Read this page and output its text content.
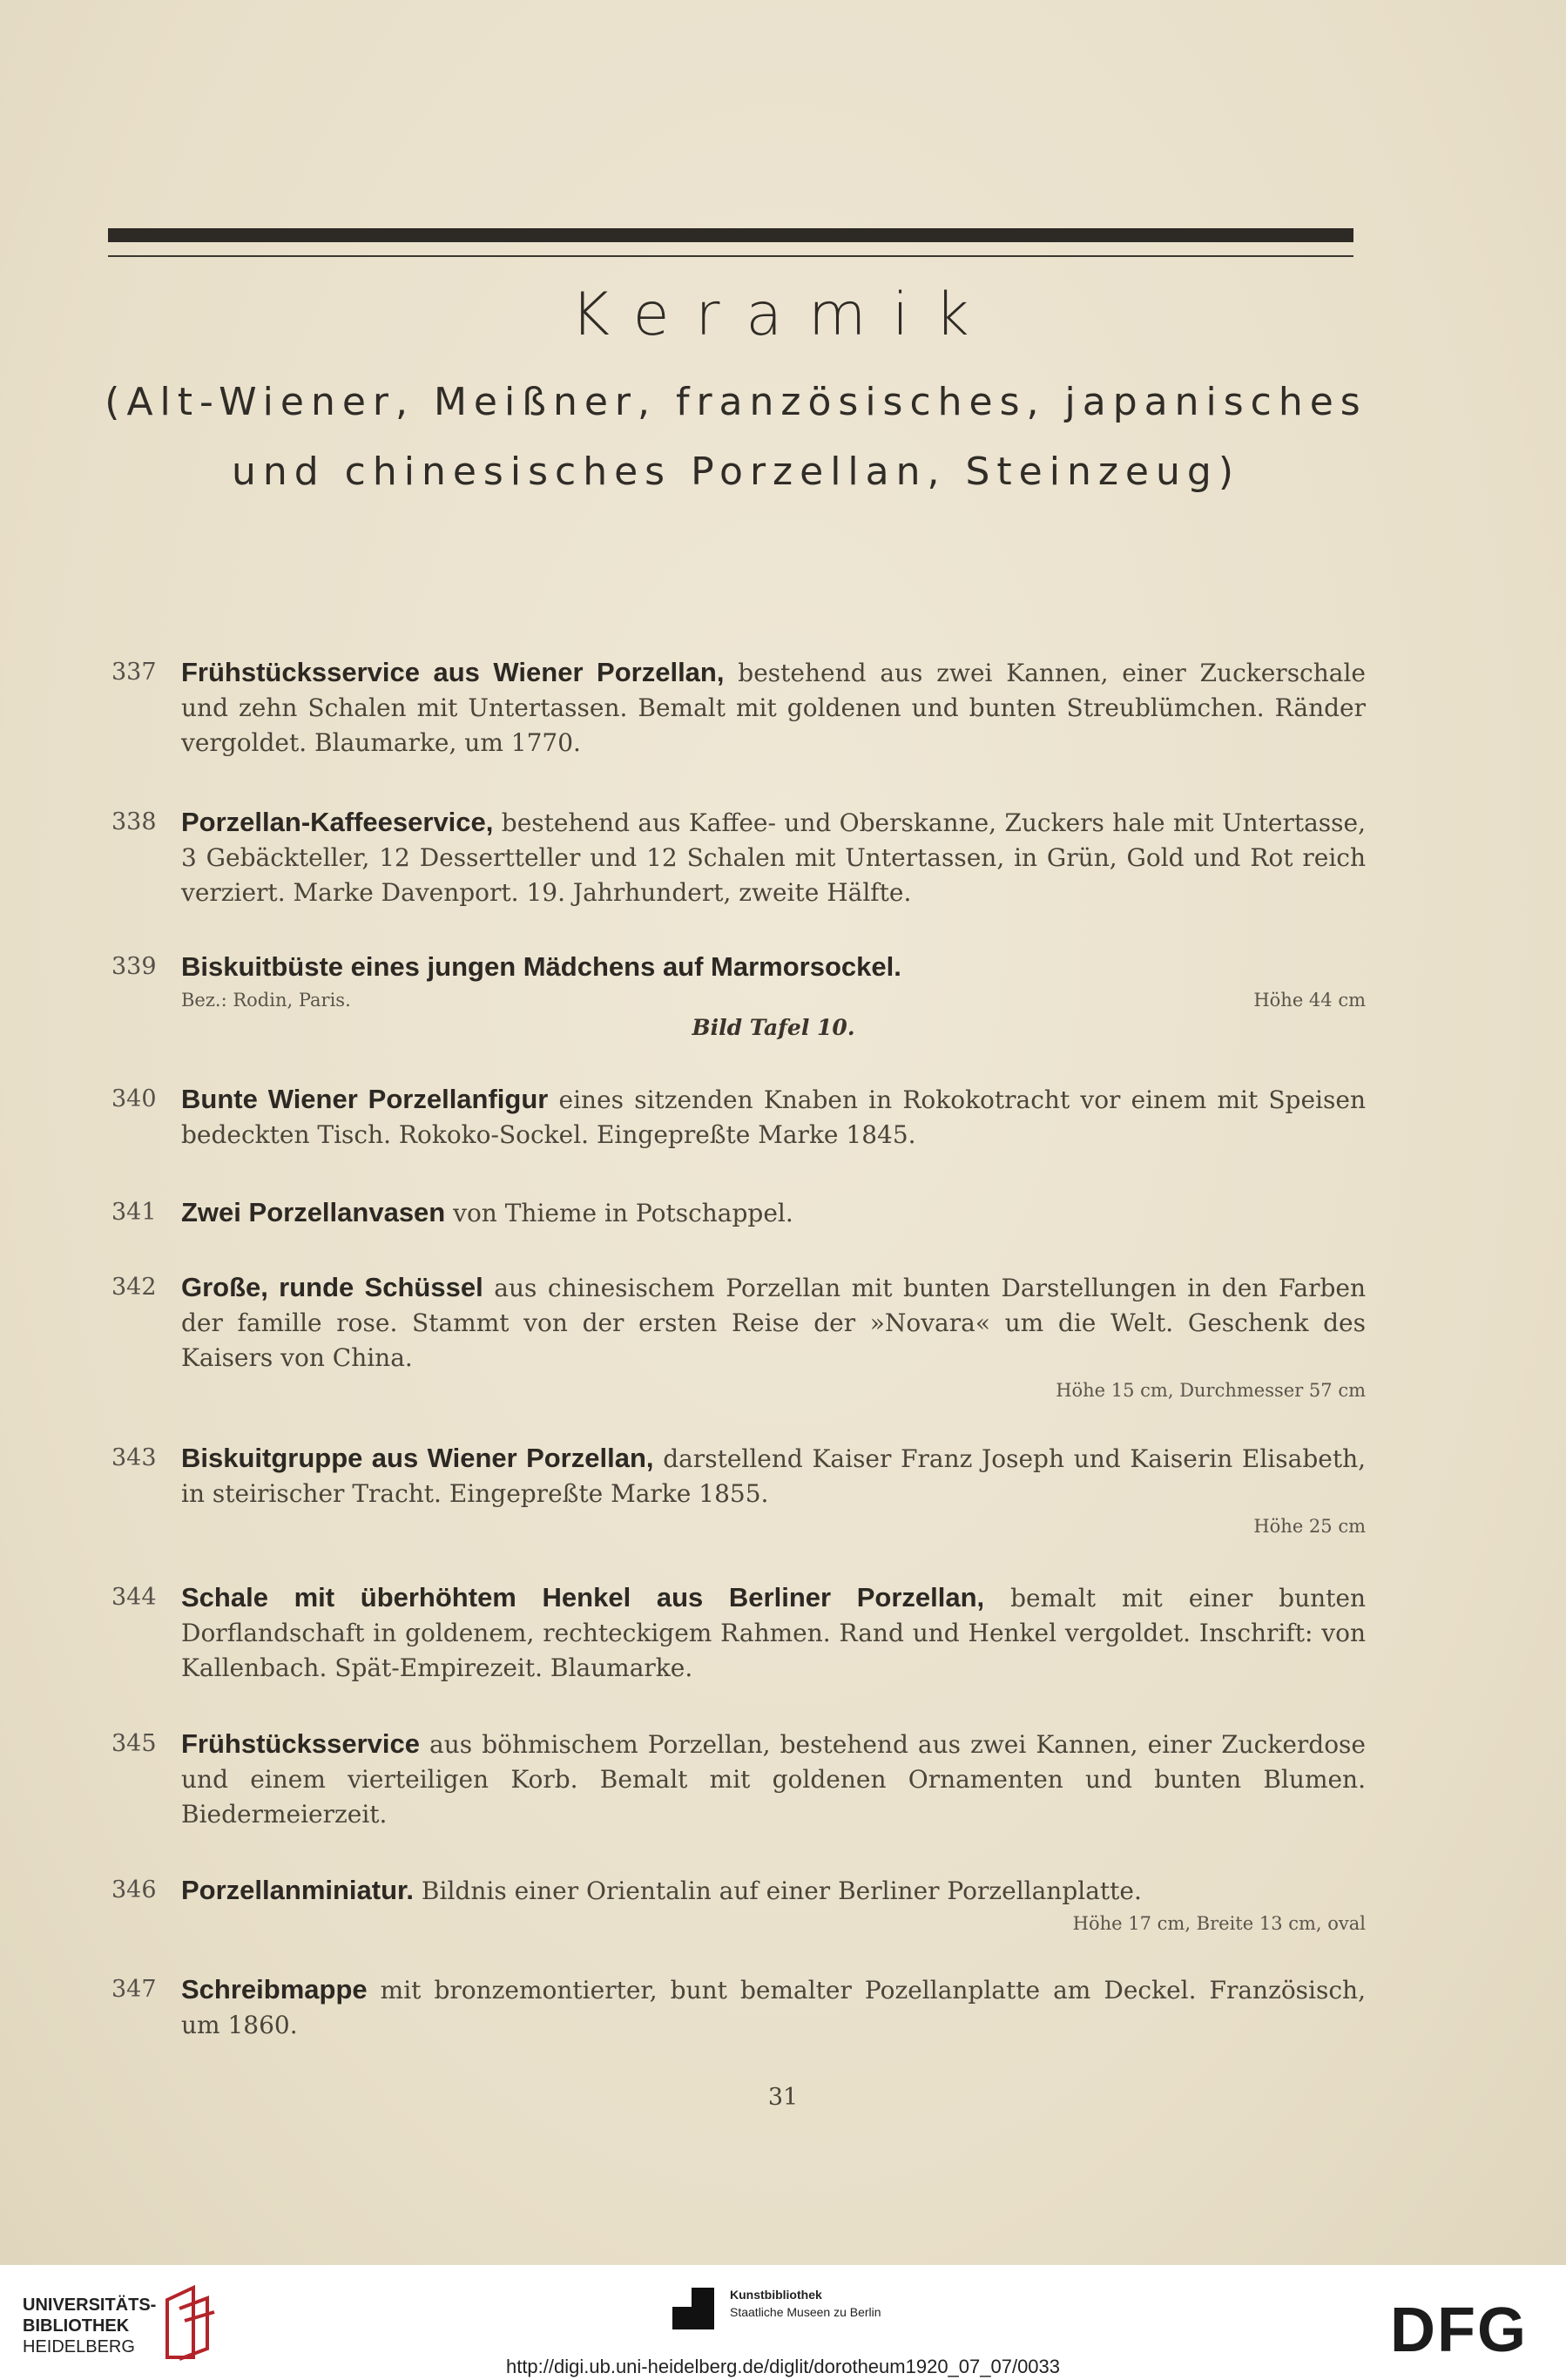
Keramik
(Alt-Wiener, Meißner, französisches, japanisches
und chinesisches Porzellan, Steinzeug)
337 Frühstücksservice aus Wiener Porzellan, bestehend aus zwei Kannen, einer Zuckerschale und zehn Schalen mit Untertassen. Bemalt mit goldenen und bunten Streublümchen. Ränder vergoldet. Blaumarke, um 1770.
338 Porzellan-Kaffeeservice, bestehend aus Kaffee- und Oberskanne, Zuckers hale mit Untertasse, 3 Gebäckteller, 12 Dessertteller und 12 Schalen mit Untertassen, in Grün, Gold und Rot reich verziert. Marke Davenport. 19. Jahrhundert, zweite Hälfte.
339 Biskuitbüste eines jungen Mädchens auf Marmorsockel.
Bez.: Rodin, Paris.	Höhe 44 cm
Bild Tafel 10.
340 Bunte Wiener Porzellanfigur eines sitzenden Knaben in Rokokotracht vor einem mit Speisen bedeckten Tisch. Rokoko-Sockel. Eingepreßte Marke 1845.
341 Zwei Porzellanvasen von Thieme in Potschappel.
342 Große, runde Schüssel aus chinesischem Porzellan mit bunten Darstellungen in den Farben der famille rose. Stammt von der ersten Reise der »Novara« um die Welt. Geschenk des Kaisers von China.
Höhe 15 cm, Durchmesser 57 cm
343 Biskuitgruppe aus Wiener Porzellan, darstellend Kaiser Franz Joseph und Kaiserin Elisabeth, in steirischer Tracht. Eingepreßte Marke 1855.
Höhe 25 cm
344 Schale mit überhöhtem Henkel aus Berliner Porzellan, bemalt mit einer bunten Dorflandschaft in goldenem, rechteckigem Rahmen. Rand und Henkel vergoldet. Inschrift: von Kallenbach. Spät-Empirezeit. Blaumarke.
345 Frühstücksservice aus böhmischem Porzellan, bestehend aus zwei Kannen, einer Zuckerdose und einem vierteiligen Korb. Bemalt mit goldenen Ornamenten und bunten Blumen. Biedermeierzeit.
346 Porzellanminiatur. Bildnis einer Orientalin auf einer Berliner Porzellanplatte.
Höhe 17 cm, Breite 13 cm, oval
347 Schreibmappe mit bronzemontierter, bunt bemalter Pozellanplatte am Deckel. Französisch, um 1860.
31
UNIVERSITÄTS-
BIBLIOTHEK
HEIDELBERG
Kunstbibliothek
Staatliche Museen zu Berlin	DFG
http://digi.ub.uni-heidelberg.de/diglit/dorotheum1920_07_07/0033
